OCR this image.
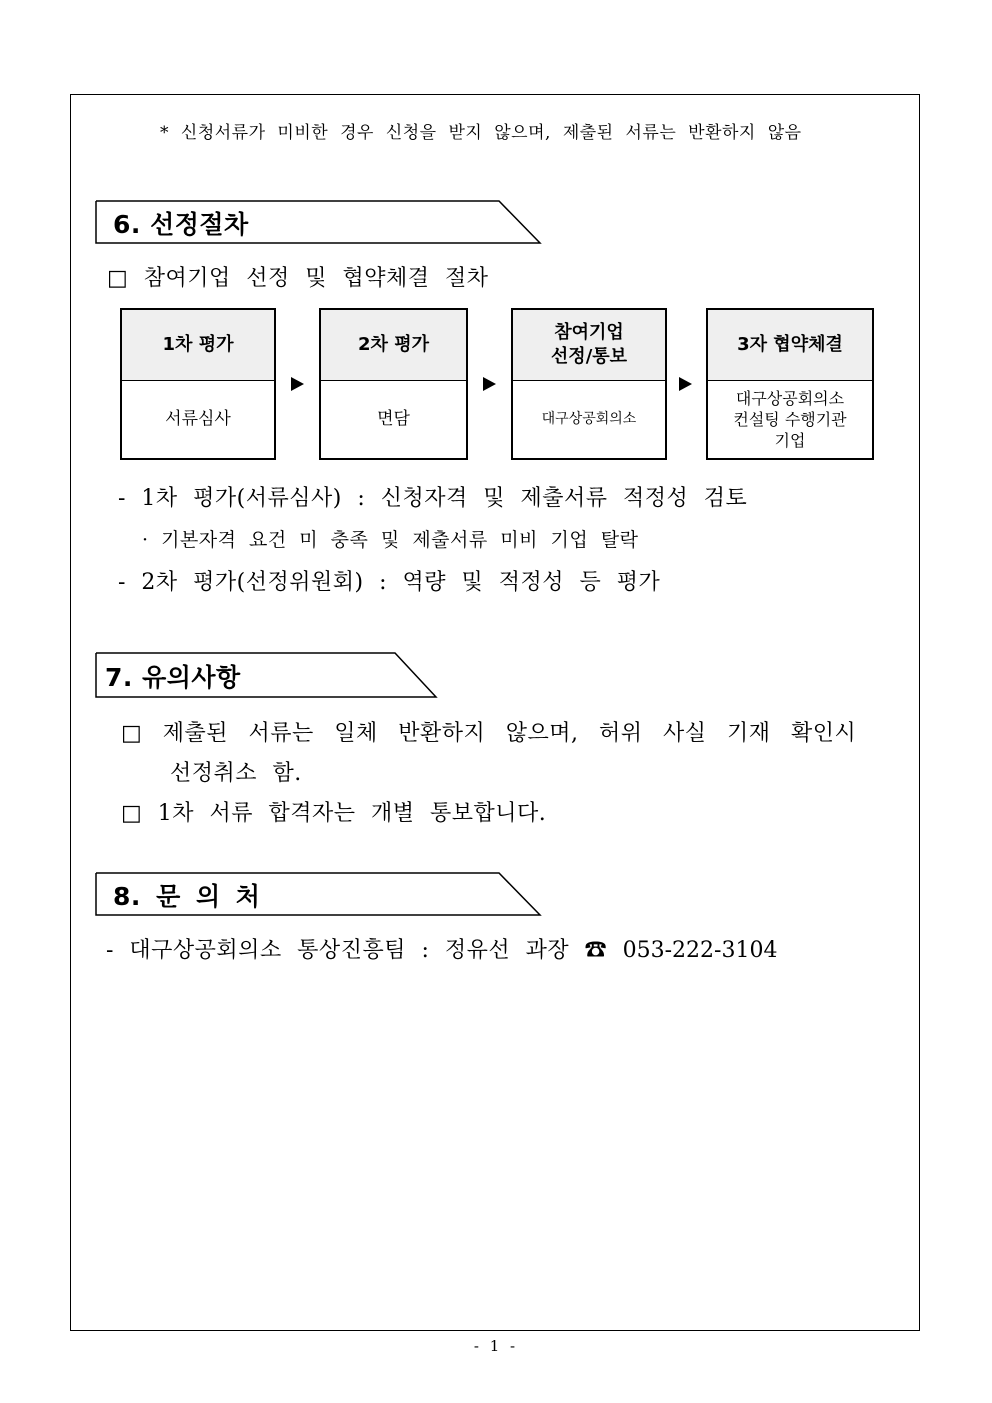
* 신청서류가 미비한 경우 신청을 받지 않으며, 제출된 서류는 반환하지 않음
6. 선정절차
□ 참여기업 선정 및 협약체결 절차
1차 평가
서류심사
2차 평가
면담
참여기업
선정/통보
대구상공회의소
3자 협약체결
대구상공회의소
컨설팅 수행기관
기업
- 1차 평가(서류심사) : 신청자격 및 제출서류 적정성 검토
· 기본자격 요건 미 충족 및 제출서류 미비 기업 탈락
- 2차 평가(선정위원회) : 역량 및 적정성 등 평가
7. 유의사항
□ 제출된 서류는 일체 반환하지 않으며, 허위 사실 기재 확인시
선정취소 함.
□ 1차 서류 합격자는 개별 통보합니다.
8. 문 의 처
- 대구상공회의소 통상진흥팀 : 정유선 과장 ☎ 053-222-3104
- 1 -
